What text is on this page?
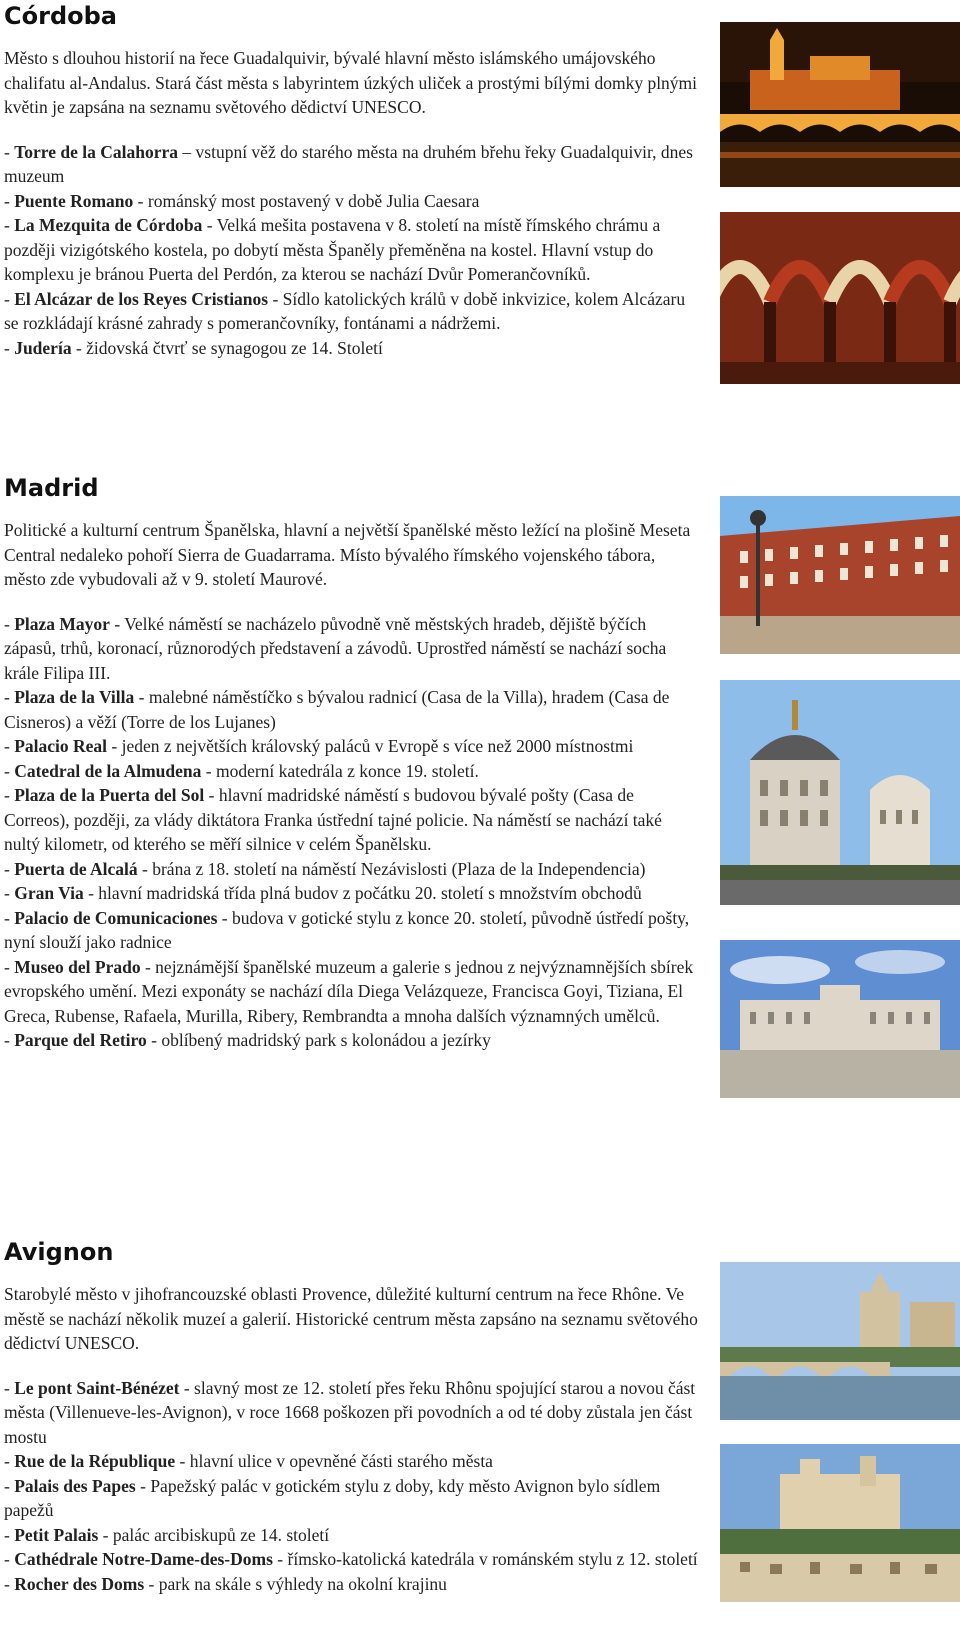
Córdoba

Město s dlouhou historií na řece Guadalquivir, bývalé hlavní město islámského umájovského chalifatu al-Andalus. Stará část města s labyrintem úzkých uliček a prostými bílými domky plnými květin je zapsána na seznamu světového dědictví UNESCO.

- Torre de la Calahorra – vstupní věž do starého města na druhém břehu řeky Guadalquivir, dnes muzeum

- Puente Romano - románský most postavený v době Julia Caesara

- La Mezquita de Córdoba - Velká mešita postavena v 8. století na místě římského chrámu a později vizigótského kostela, po dobytí města Španěly přeměněna na kostel. Hlavní vstup do komplexu je bránou Puerta del Perdón, za kterou se nachází Dvůr Pomerančovníků.

- El Alcázar de los Reyes Cristianos - Sídlo katolických králů v době inkvizice, kolem Alcázaru se rozkládají krásné zahrady s pomerančovníky, fontánami a nádržemi.

- Judería - židovská čtvrť se synagogou ze 14. Století

Madrid

Politické a kulturní centrum Španělska, hlavní a největší španělské město ležící na plošině Meseta Central nedaleko pohoří Sierra de Guadarrama. Místo bývalého římského vojenského tábora, město zde vybudovali až v 9. století Maurové.

- Plaza Mayor - Velké náměstí se nacházelo původně vně městských hradeb, dějiště býčích zápasů, trhů, koronací, různorodých představení a závodů. Uprostřed náměstí se nachází socha krále Filipa III.

- Plaza de la Villa - malebné náměstíčko s bývalou radnicí (Casa de la Villa), hradem (Casa de Cisneros) a věží (Torre de los Lujanes)

- Palacio Real - jeden z největších královský paláců v Evropě s více než 2000 místnostmi

- Catedral de la Almudena - moderní katedrála z konce 19. století.

- Plaza de la Puerta del Sol - hlavní madridské náměstí s budovou bývalé pošty (Casa de Correos), později, za vlády diktátora Franka ústřední tajné policie. Na náměstí se nachází také nultý kilometr, od kterého se měří silnice v celém Španělsku.

- Puerta de Alcalá - brána z 18. století na náměstí Nezávislosti (Plaza de la Independencia)

- Gran Via - hlavní madridská třída plná budov z počátku 20. století s množstvím obchodů

- Palacio de Comunicaciones - budova v gotické stylu z konce 20. století, původně ústředí pošty, nyní slouží jako radnice

- Museo del Prado - nejznámější španělské muzeum a galerie s jednou z nejvýznamnějších sbírek evropského umění. Mezi exponáty se nachází díla Diega Velázqueze, Francisca Goyi, Tiziana, El Greca, Rubense, Rafaela, Murilla, Ribery, Rembrandta a mnoha dalších významných umělců.

- Parque del Retiro - oblíbený madridský park s kolonádou a jezírky

Avignon

Starobylé město v jihofrancouzské oblasti Provence, důležité kulturní centrum na řece Rhône. Ve městě se nachází několik muzeí a galerií. Historické centrum města zapsáno na seznamu světového dědictví UNESCO.

- Le pont Saint-Bénézet - slavný most ze 12. století přes řeku Rhônu spojující starou a novou část města (Villenueve-les-Avignon), v roce 1668 poškozen při povodních a od té doby zůstala jen část mostu

- Rue de la République - hlavní ulice v opevněné části starého města

- Palais des Papes - Papežský palác v gotickém stylu z doby, kdy město Avignon bylo sídlem papežů

- Petit Palais - palác arcibiskupů ze 14. století

- Cathédrale Notre-Dame-des-Doms - římsko-katolická katedrála v románském stylu z 12. století

- Rocher des Doms - park na skále s výhledy na okolní krajinu
